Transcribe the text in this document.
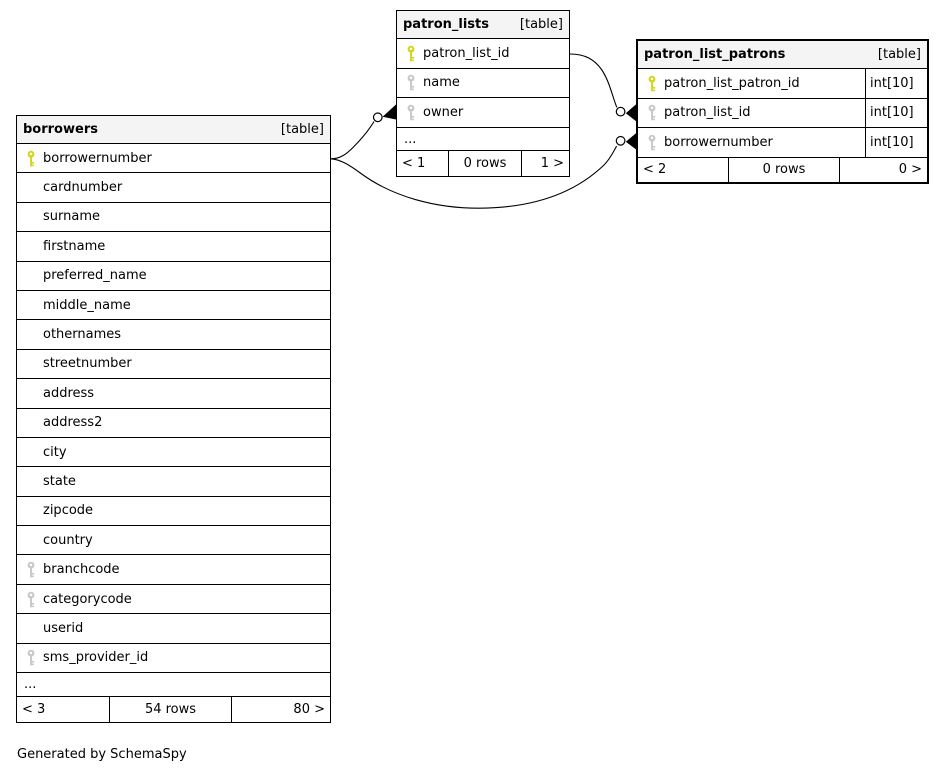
patron_lists [table]
patron_list_id
name
owner
...
< 1	0 rows	1 >
patron_list_patrons	[table]
patron_list_patron_id	int[10]
patron_list_id	int[10]
borrowernumber	int[10]
< 2	0 rows	0 >
borrowers	[table]
borrowernumber
cardnumber
surname
firstname
preferred_name
middle_name
othernames
streetnumber
address
address2
city
state
zipcode
country
branchcode
categorycode
userid
sms_provider_id
...
< 3	54 rows	80 >
Generated by SchemaSpy
